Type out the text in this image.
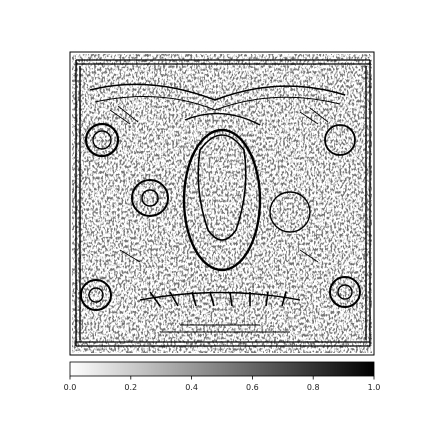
0.0	0.2	0.4	0.6	0.8	1.0
